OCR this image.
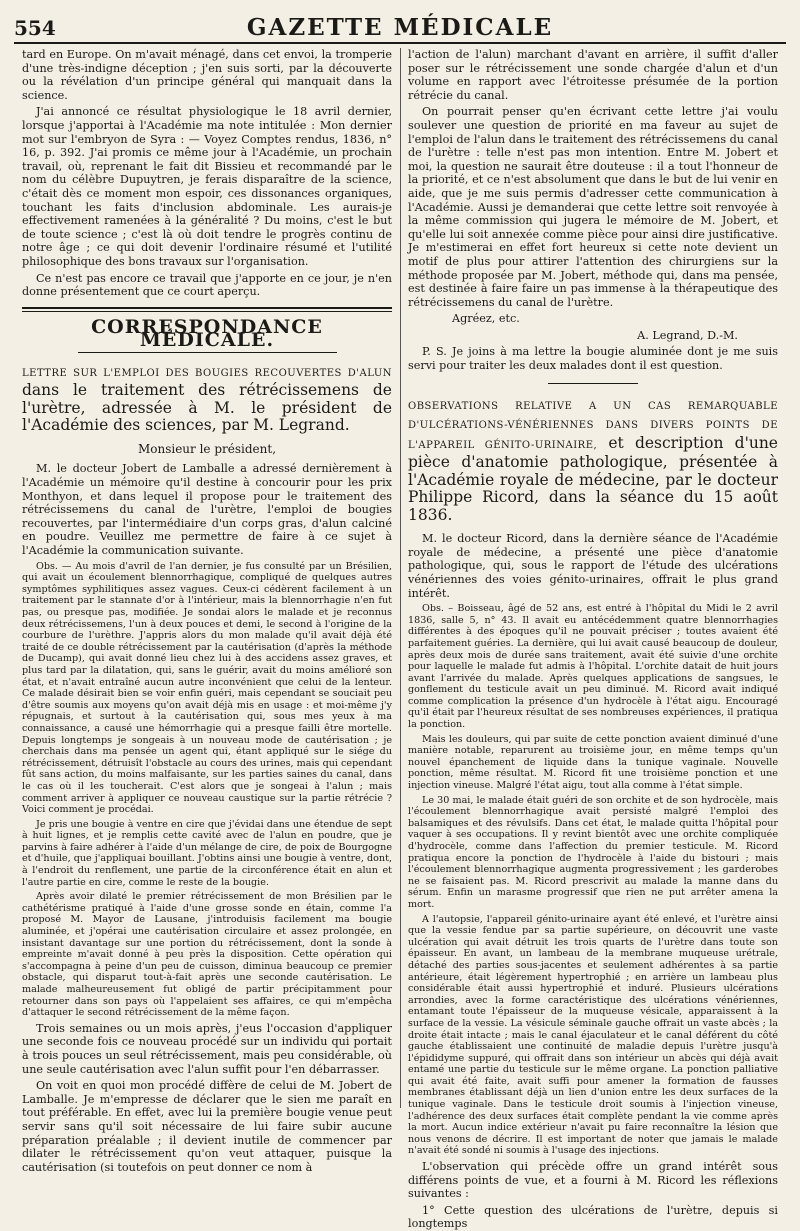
554	GAZETTE MÉDICALE

tard en Europe. On m'avait ménagé, dans cet envoi, la tromperie d'une très-indigne déception ; j'en suis sorti, par la découverte ou la révélation d'un principe général qui manquait dans la science.

J'ai annoncé ce résultat physiologique le 18 avril dernier, lorsque j'apportai à l'Académie ma note intitulée : Mon dernier mot sur l'embryon de Syra : — Voyez Comptes rendus, 1836, n° 16, p. 392. J'ai promis ce même jour à l'Académie, un prochain travail, où, reprenant le fait dit Bissieu et recommandé par le nom du célèbre Dupuytren, je ferais disparaître de la science, c'était dès ce moment mon espoir, ces dissonances organiques, touchant les faits d'inclusion abdominale. Les aurais-je effectivement ramenées à la généralité ? Du moins, c'est le but de toute science ; c'est là où doit tendre le progrès continu de notre âge ; ce qui doit devenir l'ordinaire résumé et l'utilité philosophique des bons travaux sur l'organisation.

Ce n'est pas encore ce travail que j'apporte en ce jour, je n'en donne présentement que ce court aperçu.

CORRESPONDANCE MÉDICALE.
LETTRE SUR L'EMPLOI DES BOUGIES RECOUVERTES D'ALUN dans le traitement des rétrécissemens de l'urètre, adressée à M. le président de l'Académie des sciences, par M. Legrand.
Monsieur le président,

M. le docteur Jobert de Lamballe a adressé dernièrement à l'Académie un mémoire qu'il destine à concourir pour les prix Monthyon, et dans lequel il propose pour le traitement des rétrécissemens du canal de l'urètre, l'emploi de bougies recouvertes, par l'intermédiaire d'un corps gras, d'alun calciné en poudre. Veuillez me permettre de faire à ce sujet à l'Académie la communication suivante.

Obs. — Au mois d'avril de l'an dernier, je fus consulté par un Brésilien, qui avait un écoulement blennorrhagique, compliqué de quelques autres symptômes syphilitiques assez vagues. Ceux-ci cédèrent facilement à un traitement par le stannate d'or à l'intérieur, mais la blennorrhagie n'en fut pas, ou presque pas, modifiée. Je sondai alors le malade et je reconnus deux rétrécissemens, l'un à deux pouces et demi, le second à l'origine de la courbure de l'urèthre. J'appris alors du mon malade qu'il avait déjà été traité de ce double rétrécissement par la cautérisation (d'après la méthode de Ducamp), qui avait donné lieu chez lui à des accidens assez graves, et plus tard par la dilatation, qui, sans le guérir, avait du moins amélioré son état, et n'avait entraîné aucun autre inconvénient que celui de la lenteur. Ce malade désirait bien se voir enfin guéri, mais cependant se souciait peu d'être soumis aux moyens qu'on avait déjà mis en usage : et moi-même j'y répugnais, et surtout à la cautérisation qui, sous mes yeux à ma connaissance, a causé une hémorrhagie qui a presque failli être mortelle. Depuis longtemps je songeais à un nouveau mode de cautérisation ; je cherchais dans ma pensée un agent qui, étant appliqué sur le siége du rétrécissement, détruisît l'obstacle au cours des urines, mais qui cependant fût sans action, du moins malfaisante, sur les parties saines du canal, dans le cas où il les toucherait. C'est alors que je songeai à l'alun ; mais comment arriver à appliquer ce nouveau caustique sur la partie rétrécie ? Voici comment je procédai.

Je pris une bougie à ventre en cire que j'évidai dans une étendue de sept à huit lignes, et je remplis cette cavité avec de l'alun en poudre, que je parvins à faire adhérer à l'aide d'un mélange de cire, de poix de Bourgogne et d'huile, que j'appliquai bouillant. J'obtins ainsi une bougie à ventre, dont, à l'endroit du renflement, une partie de la circonférence était en alun et l'autre partie en cire, comme le reste de la bougie.

Après avoir dilaté le premier rétrécissement de mon Brésilien par le cathétérisme pratiqué à l'aide d'une grosse sonde en étain, comme l'a proposé M. Mayor de Lausane, j'introduisis facilement ma bougie aluminée, et j'opérai une cautérisation circulaire et assez prolongée, en insistant davantage sur une portion du rétrécissement, dont la sonde à empreinte m'avait donné à peu près la disposition. Cette opération qui s'accompagna à peine d'un peu de cuisson, diminua beaucoup ce premier obstacle, qui disparut tout-à-fait après une seconde cautérisation. Le malade malheureusement fut obligé de partir précipitamment pour retourner dans son pays où l'appelaient ses affaires, ce qui m'empêcha d'attaquer le second rétrécissement de la même façon.

Trois semaines ou un mois après, j'eus l'occasion d'appliquer une seconde fois ce nouveau procédé sur un individu qui portait à trois pouces un seul rétrécissement, mais peu considérable, où une seule cautérisation avec l'alun suffit pour l'en débarrasser.

On voit en quoi mon procédé diffère de celui de M. Jobert de Lamballe. Je m'empresse de déclarer que le sien me paraît en tout préférable. En effet, avec lui la première bougie venue peut servir sans qu'il soit nécessaire de lui faire subir aucune préparation préalable ; il devient inutile de commencer par dilater le rétrécissement qu'on veut attaquer, puisque la cautérisation (si toutefois on peut donner ce nom à

l'action de l'alun) marchant d'avant en arrière, il suffit d'aller poser sur le rétrécissement une sonde chargée d'alun et d'un volume en rapport avec l'étroitesse présumée de la portion rétrécie du canal.

On pourrait penser qu'en écrivant cette lettre j'ai voulu soulever une question de priorité en ma faveur au sujet de l'emploi de l'alun dans le traitement des rétrécissemens du canal de l'urètre : telle n'est pas mon intention. Entre M. Jobert et moi, la question ne saurait être douteuse : il a tout l'honneur de la priorité, et ce n'est absolument que dans le but de lui venir en aide, que je me suis permis d'adresser cette communication à l'Académie. Aussi je demanderai que cette lettre soit renvoyée à la même commission qui jugera le mémoire de M. Jobert, et qu'elle lui soit annexée comme pièce pour ainsi dire justificative. Je m'estimerai en effet fort heureux si cette note devient un motif de plus pour attirer l'attention des chirurgiens sur la méthode proposée par M. Jobert, méthode qui, dans ma pensée, est destinée à faire faire un pas immense à la thérapeutique des rétrécissemens du canal de l'urètre.

Agréez, etc.

A. Legrand, D.-M.

P. S. Je joins à ma lettre la bougie aluminée dont je me suis servi pour traiter les deux malades dont il est question.

OBSERVATIONS RELATIVE A UN CAS REMARQUABLE D'ULCÉRATIONS-VÉNÉRIENNES DANS DIVERS POINTS DE L'APPAREIL GÉNITO-URINAIRE, et description d'une pièce d'anatomie pathologique, présentée à l'Académie royale de médecine, par le docteur Philippe Ricord, dans la séance du 15 août 1836.

M. le docteur Ricord, dans la dernière séance de l'Académie royale de médecine, a présenté une pièce d'anatomie pathologique, qui, sous le rapport de l'étude des ulcérations vénériennes des voies génito-urinaires, offrait le plus grand intérêt.

Obs. – Boisseau, âgé de 52 ans, est entré à l'hôpital du Midi le 2 avril 1836, salle 5, n° 43. Il avait eu antécédemment quatre blennorrhagies différentes à des époques qu'il ne pouvait préciser ; toutes avaient été parfaitement guéries. La dernière, qui lui avait causé beaucoup de douleur, après deux mois de durée sans traitement, avait été suivie d'une orchite pour laquelle le malade fut admis à l'hôpital. L'orchite datait de huit jours avant l'arrivée du malade. Après quelques applications de sangsues, le gonflement du testicule avait un peu diminué. M. Ricord avait indiqué comme complication la présence d'un hydrocèle à l'état aigu. Encouragé qu'il était par l'heureux résultat de ses nombreuses expériences, il pratiqua la ponction.

Mais les douleurs, qui par suite de cette ponction avaient diminué d'une manière notable, reparurent au troisième jour, en même temps qu'un nouvel épanchement de liquide dans la tunique vaginale. Nouvelle ponction, même résultat. M. Ricord fit une troisième ponction et une injection vineuse. Malgré l'état aigu, tout alla comme à l'état simple.

Le 30 mai, le malade était guéri de son orchite et de son hydrocèle, mais l'écoulement blennorrhagique avait persisté malgré l'emploi des balsamiques et des révulsifs. Dans cet état, le malade quitta l'hôpital pour vaquer à ses occupations. Il y revint bientôt avec une orchite compliquée d'hydrocèle, comme dans l'affection du premier testicule. M. Ricord pratiqua encore la ponction de l'hydrocèle à l'aide du bistouri ; mais l'écoulement blennorrhagique augmenta progressivement ; les garderobes ne se faisaient pas. M. Ricord prescrivit au malade la manne dans du sérum. Enfin un marasme progressif que rien ne put arrêter amena la mort.

A l'autopsie, l'appareil génito-urinaire ayant été enlevé, et l'urètre ainsi que la vessie fendue par sa partie supérieure, on découvrit une vaste ulcération qui avait détruit les trois quarts de l'urètre dans toute son épaisseur. En avant, un lambeau de la membrane muqueuse urétrale, détaché des parties sous-jacentes et seulement adhérentes à sa partie antérieure, était légèrement hypertrophié ; en arrière un lambeau plus considérable était aussi hypertrophié et induré. Plusieurs ulcérations arrondies, avec la forme caractéristique des ulcérations vénériennes, entamant toute l'épaisseur de la muqueuse vésicale, apparaissent à la surface de la vessie. La vésicule séminale gauche offrait un vaste abcès ; la droite était intacte ; mais le canal éjaculateur et le canal déférent du côté gauche établissaient une continuité de maladie depuis l'urètre jusqu'à l'épididyme suppuré, qui offrait dans son intérieur un abcès qui déjà avait entamé une partie du testicule sur le même organe. La ponction palliative qui avait été faite, avait suffi pour amener la formation de fausses membranes établissant déjà un lien d'union entre les deux surfaces de la tunique vaginale. Dans le testicule droit soumis à l'injection vineuse, l'adhérence des deux surfaces était complète pendant la vie comme après la mort. Aucun indice extérieur n'avait pu faire reconnaître la lésion que nous venons de décrire. Il est important de noter que jamais le malade n'avait été sondé ni soumis à l'usage des injections.

L'observation qui précède offre un grand intérêt sous différens points de vue, et a fourni à M. Ricord les réflexions suivantes :

1° Cette question des ulcérations de l'urètre, depuis si longtemps
